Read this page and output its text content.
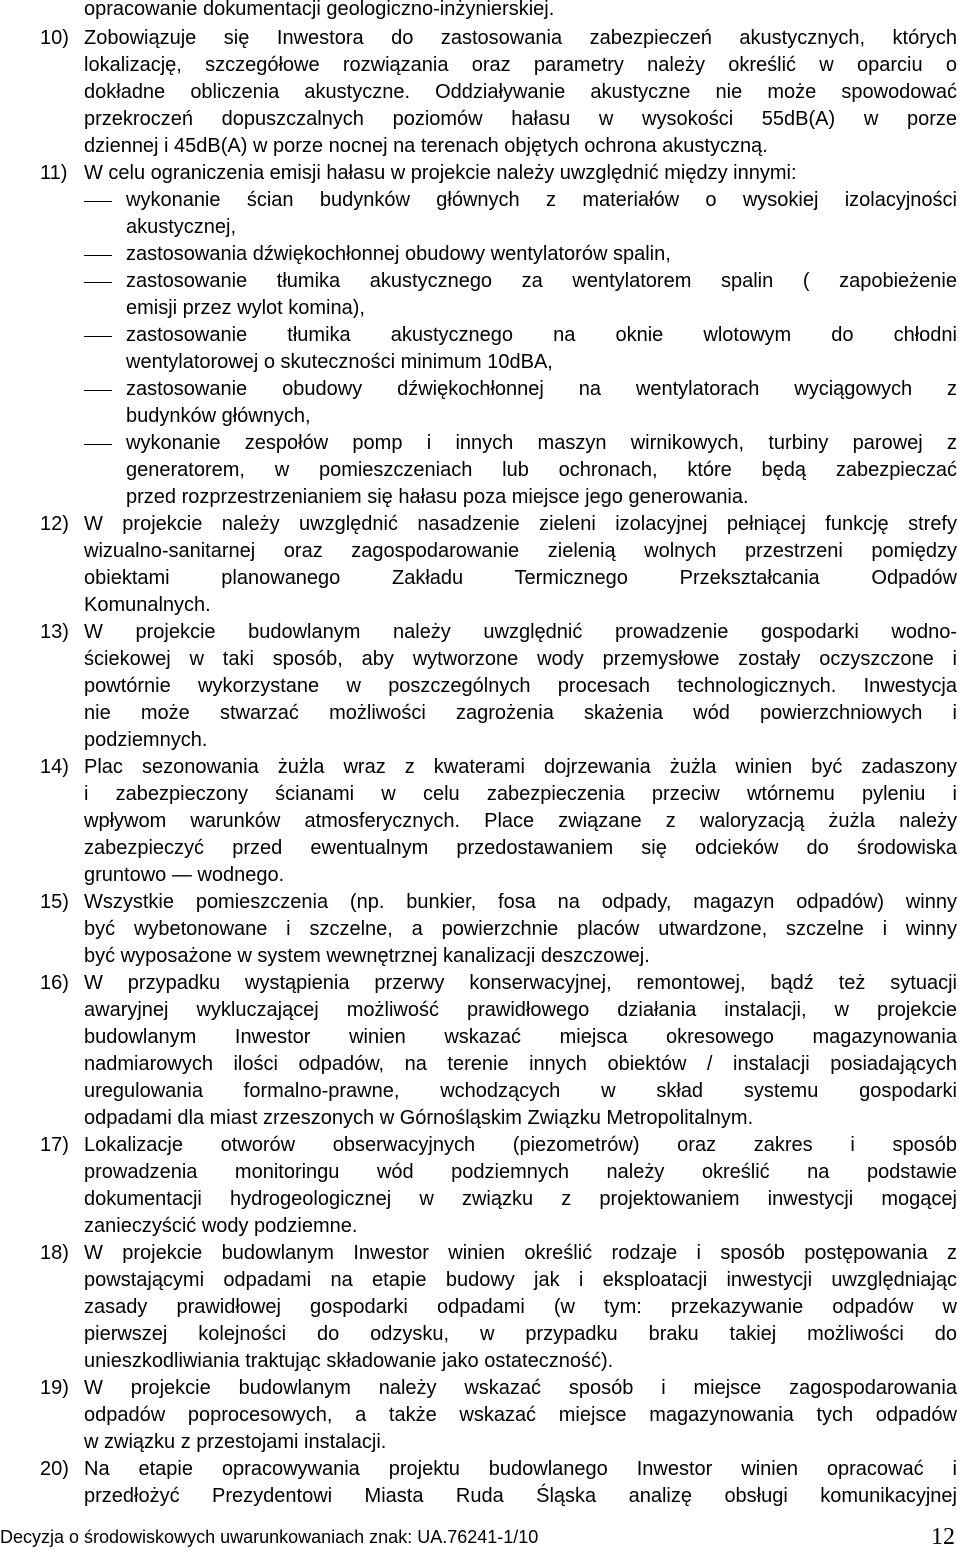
opracowanie dokumentacji geologiczno-inżynierskiej.
10) Zobowiązuje się Inwestora do zastosowania zabezpieczeń akustycznych, których
lokalizację, szczegółowe rozwiązania oraz parametry należy określić w oparciu o
dokładne obliczenia akustyczne. Oddziaływanie akustyczne nie może spowodować
przekroczeń dopuszczalnych poziomów hałasu w wysokości 55dB(A) w porze
dziennej i 45dB(A) w porze nocnej na terenach objętych ochrona akustyczną.
11) W celu ograniczenia emisji hałasu w projekcie należy uwzględnić między innymi:
wykonanie ścian budynków głównych z materiałów o wysokiej izolacyjności
akustycznej,
zastosowania dźwiękochłonnej obudowy wentylatorów spalin,
zastosowanie tłumika akustycznego za wentylatorem spalin ( zapobieżenie
emisji przez wylot komina),
zastosowanie tłumika akustycznego na oknie wlotowym do chłodni
wentylatorowej o skuteczności minimum 10dBA,
zastosowanie obudowy dźwiękochłonnej na wentylatorach wyciągowych z
budynków głównych,
wykonanie zespołów pomp i innych maszyn wirnikowych, turbiny parowej z
generatorem, w pomieszczeniach lub ochronach, które będą zabezpieczać
przed rozprzestrzenianiem się hałasu poza miejsce jego generowania.
12) W projekcie należy uwzględnić nasadzenie zieleni izolacyjnej pełniącej funkcję strefy
wizualno-sanitarnej oraz zagospodarowanie zielenią wolnych przestrzeni pomiędzy
obiektami planowanego Zakładu Termicznego Przekształcania Odpadów
Komunalnych.
13) W projekcie budowlanym należy uwzględnić prowadzenie gospodarki wodno-
ściekowej w taki sposób, aby wytworzone wody przemysłowe zostały oczyszczone i
powtórnie wykorzystane w poszczególnych procesach technologicznych. Inwestycja
nie może stwarzać możliwości zagrożenia skażenia wód powierzchniowych i
podziemnych.
14) Plac sezonowania żużla wraz z kwaterami dojrzewania żużla winien być zadaszony
i zabezpieczony ścianami w celu zabezpieczenia przeciw wtórnemu pyleniu i
wpływom warunków atmosferycznych. Place związane z waloryzacją żużla należy
zabezpieczyć przed ewentualnym przedostawaniem się odcieków do środowiska
gruntowo — wodnego.
15) Wszystkie pomieszczenia (np. bunkier, fosa na odpady, magazyn odpadów) winny
być wybetonowane i szczelne, a powierzchnie placów utwardzone, szczelne i winny
być wyposażone w system wewnętrznej kanalizacji deszczowej.
16) W przypadku wystąpienia przerwy konserwacyjnej, remontowej, bądź też sytuacji
awaryjnej wykluczającej możliwość prawidłowego działania instalacji, w projekcie
budowlanym Inwestor winien wskazać miejsca okresowego magazynowania
nadmiarowych ilości odpadów, na terenie innych obiektów / instalacji posiadających
uregulowania formalno-prawne, wchodzących w skład systemu gospodarki
odpadami dla miast zrzeszonych w Górnośląskim Związku Metropolitalnym.
17) Lokalizacje otworów obserwacyjnych (piezometrów) oraz zakres i sposób
prowadzenia monitoringu wód podziemnych należy określić na podstawie
dokumentacji hydrogeologicznej w związku z projektowaniem inwestycji mogącej
zanieczyścić wody podziemne.
18) W projekcie budowlanym Inwestor winien określić rodzaje i sposób postępowania z
powstającymi odpadami na etapie budowy jak i eksploatacji inwestycji uwzględniając
zasady prawidłowej gospodarki odpadami (w tym: przekazywanie odpadów w
pierwszej kolejności do odzysku, w przypadku braku takiej możliwości do
unieszkodliwiania traktując składowanie jako ostateczność).
19) W projekcie budowlanym należy wskazać sposób i miejsce zagospodarowania
odpadów poprocesowych, a także wskazać miejsce magazynowania tych odpadów
w związku z przestojami instalacji.
20) Na etapie opracowywania projektu budowlanego Inwestor winien opracować i
przedłożyć Prezydentowi Miasta Ruda Śląska analizę obsługi komunikacyjnej
Decyzja o środowiskowych uwarunkowaniach znak: UA.76241-1/10	12
